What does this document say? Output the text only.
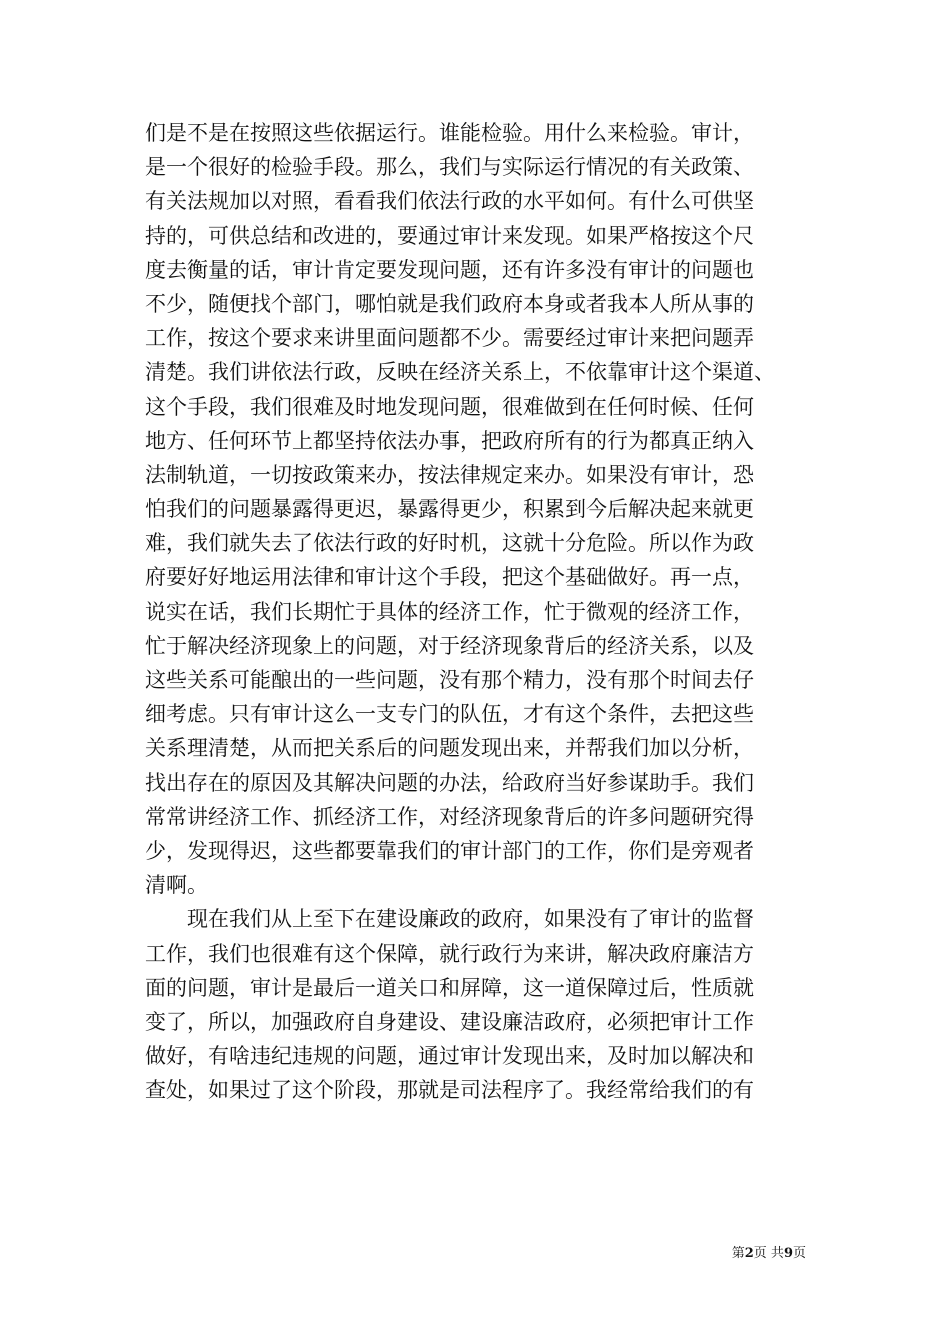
们是不是在按照这些依据运行。谁能检验。用什么来检验。审计，
是一个很好的检验手段。那么，我们与实际运行情况的有关政策、
有关法规加以对照，看看我们依法行政的水平如何。有什么可供坚
持的，可供总结和改进的，要通过审计来发现。如果严格按这个尺
度去衡量的话，审计肯定要发现问题，还有许多没有审计的问题也
不少，随便找个部门，哪怕就是我们政府本身或者我本人所从事的
工作，按这个要求来讲里面问题都不少。需要经过审计来把问题弄
清楚。我们讲依法行政，反映在经济关系上，不依靠审计这个渠道、
这个手段，我们很难及时地发现问题，很难做到在任何时候、任何
地方、任何环节上都坚持依法办事，把政府所有的行为都真正纳入
法制轨道，一切按政策来办，按法律规定来办。如果没有审计，恐
怕我们的问题暴露得更迟，暴露得更少，积累到今后解决起来就更
难，我们就失去了依法行政的好时机，这就十分危险。所以作为政
府要好好地运用法律和审计这个手段，把这个基础做好。再一点，
说实在话，我们长期忙于具体的经济工作，忙于微观的经济工作，
忙于解决经济现象上的问题，对于经济现象背后的经济关系，以及
这些关系可能酿出的一些问题，没有那个精力，没有那个时间去仔
细考虑。只有审计这么一支专门的队伍，才有这个条件，去把这些
关系理清楚，从而把关系后的问题发现出来，并帮我们加以分析，
找出存在的原因及其解决问题的办法，给政府当好参谋助手。我们
常常讲经济工作、抓经济工作，对经济现象背后的许多问题研究得
少，发现得迟，这些都要靠我们的审计部门的工作，你们是旁观者
清啊。
　　现在我们从上至下在建设廉政的政府，如果没有了审计的监督
工作，我们也很难有这个保障，就行政行为来讲，解决政府廉洁方
面的问题，审计是最后一道关口和屏障，这一道保障过后，性质就
变了，所以，加强政府自身建设、建设廉洁政府，必须把审计工作
做好，有啥违纪违规的问题，通过审计发现出来，及时加以解决和
查处，如果过了这个阶段，那就是司法程序了。我经常给我们的有
第2页 共9页
